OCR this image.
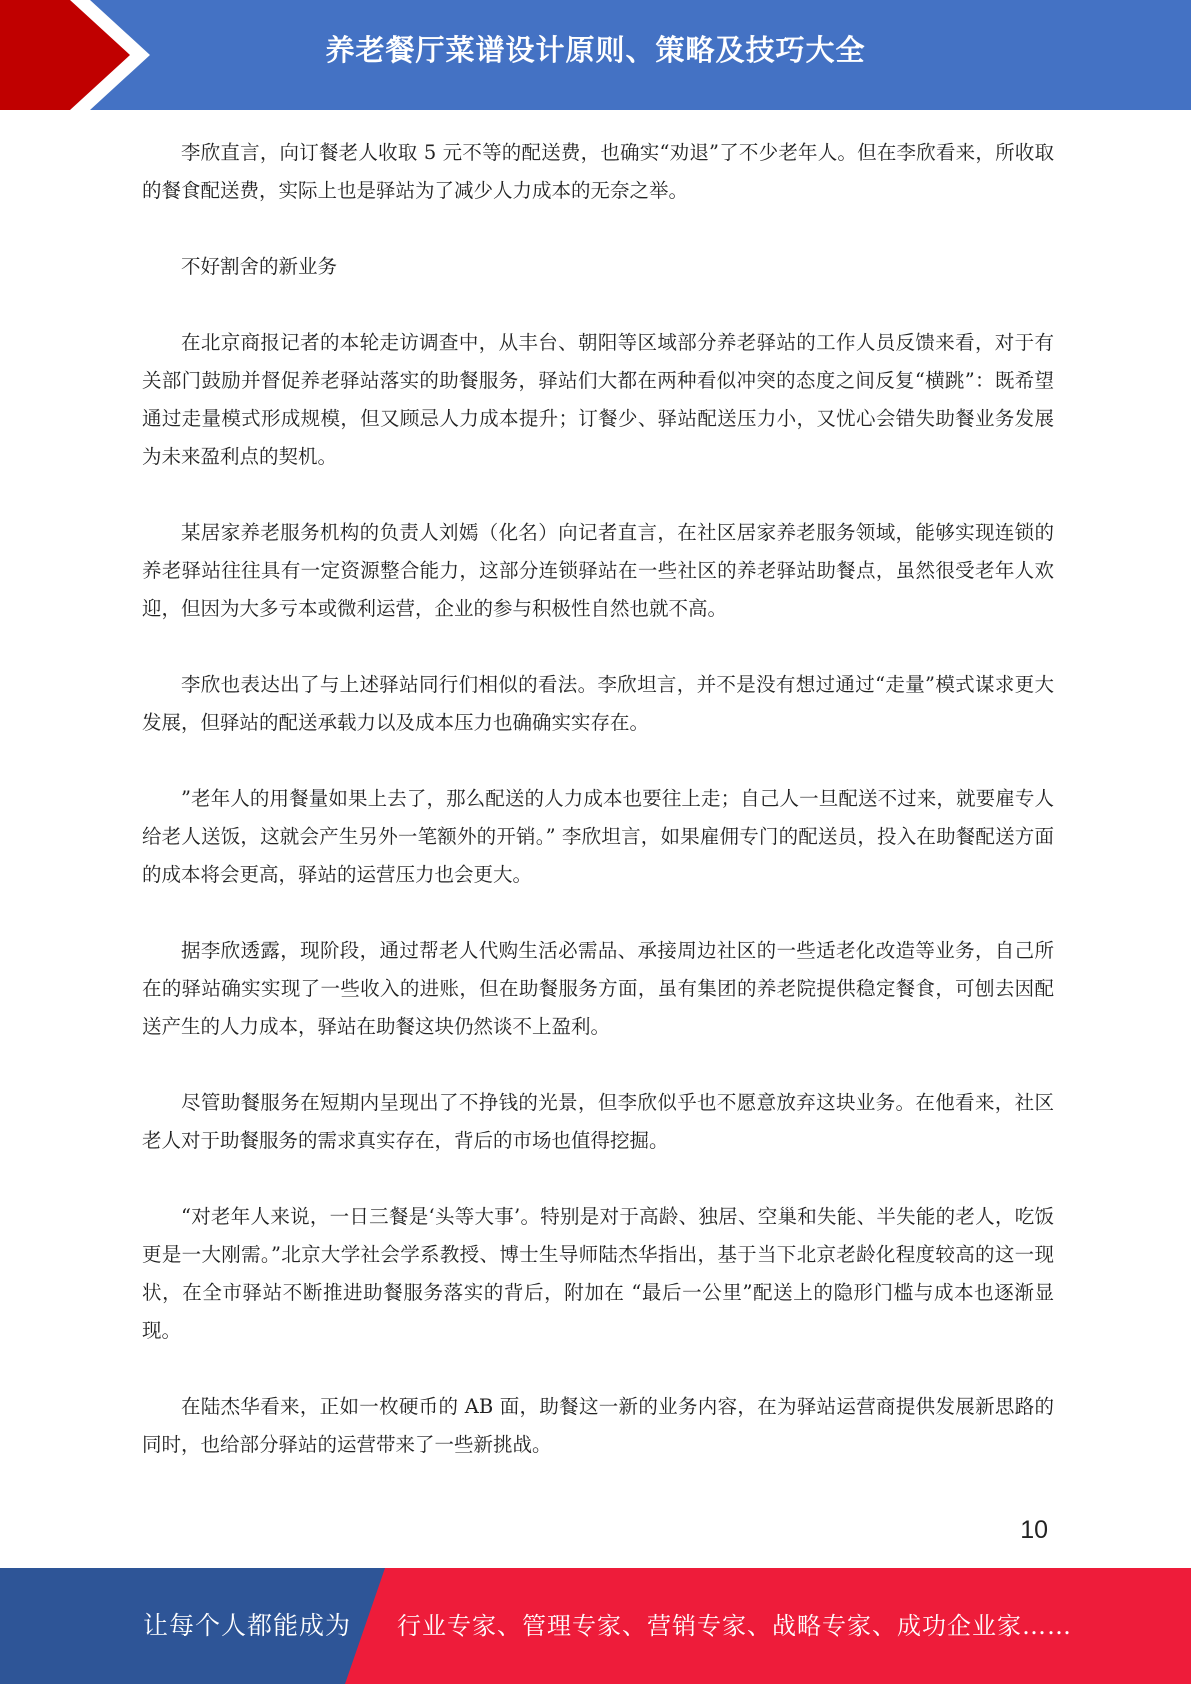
养老餐厅菜谱设计原则、策略及技巧大全

李欣直言，向订餐老人收取 5 元不等的配送费，也确实“劝退”了不少老年人。但在李欣看来，所收取的餐食配送费，实际上也是驿站为了减少人力成本的无奈之举。

不好割舍的新业务

在北京商报记者的本轮走访调查中，从丰台、朝阳等区域部分养老驿站的工作人员反馈来看，对于有关部门鼓励并督促养老驿站落实的助餐服务，驿站们大都在两种看似冲突的态度之间反复“横跳”：既希望通过走量模式形成规模，但又顾忌人力成本提升；订餐少、驿站配送压力小，又忧心会错失助餐业务发展为未来盈利点的契机。

某居家养老服务机构的负责人刘嫣（化名）向记者直言，在社区居家养老服务领域，能够实现连锁的养老驿站往往具有一定资源整合能力，这部分连锁驿站在一些社区的养老驿站助餐点，虽然很受老年人欢迎，但因为大多亏本或微利运营，企业的参与积极性自然也就不高。

李欣也表达出了与上述驿站同行们相似的看法。李欣坦言，并不是没有想过通过“走量”模式谋求更大发展，但驿站的配送承载力以及成本压力也确确实实存在。

”老年人的用餐量如果上去了，那么配送的人力成本也要往上走；自己人一旦配送不过来，就要雇专人给老人送饭，这就会产生另外一笔额外的开销。” 李欣坦言，如果雇佣专门的配送员，投入在助餐配送方面的成本将会更高，驿站的运营压力也会更大。

据李欣透露，现阶段，通过帮老人代购生活必需品、承接周边社区的一些适老化改造等业务，自己所在的驿站确实实现了一些收入的进账，但在助餐服务方面，虽有集团的养老院提供稳定餐食，可刨去因配送产生的人力成本，驿站在助餐这块仍然谈不上盈利。

尽管助餐服务在短期内呈现出了不挣钱的光景，但李欣似乎也不愿意放弃这块业务。在他看来，社区老人对于助餐服务的需求真实存在，背后的市场也值得挖掘。

“对老年人来说，一日三餐是‘头等大事’。特别是对于高龄、独居、空巢和失能、半失能的老人，吃饭更是一大刚需。”北京大学社会学系教授、博士生导师陆杰华指出，基于当下北京老龄化程度较高的这一现状，在全市驿站不断推进助餐服务落实的背后，附加在 “最后一公里”配送上的隐形门槛与成本也逐渐显现。

在陆杰华看来，正如一枚硬币的 AB 面，助餐这一新的业务内容，在为驿站运营商提供发展新思路的同时，也给部分驿站的运营带来了一些新挑战。

10
让每个人都能成为 行业专家、管理专家、营销专家、战略专家、成功企业家……
